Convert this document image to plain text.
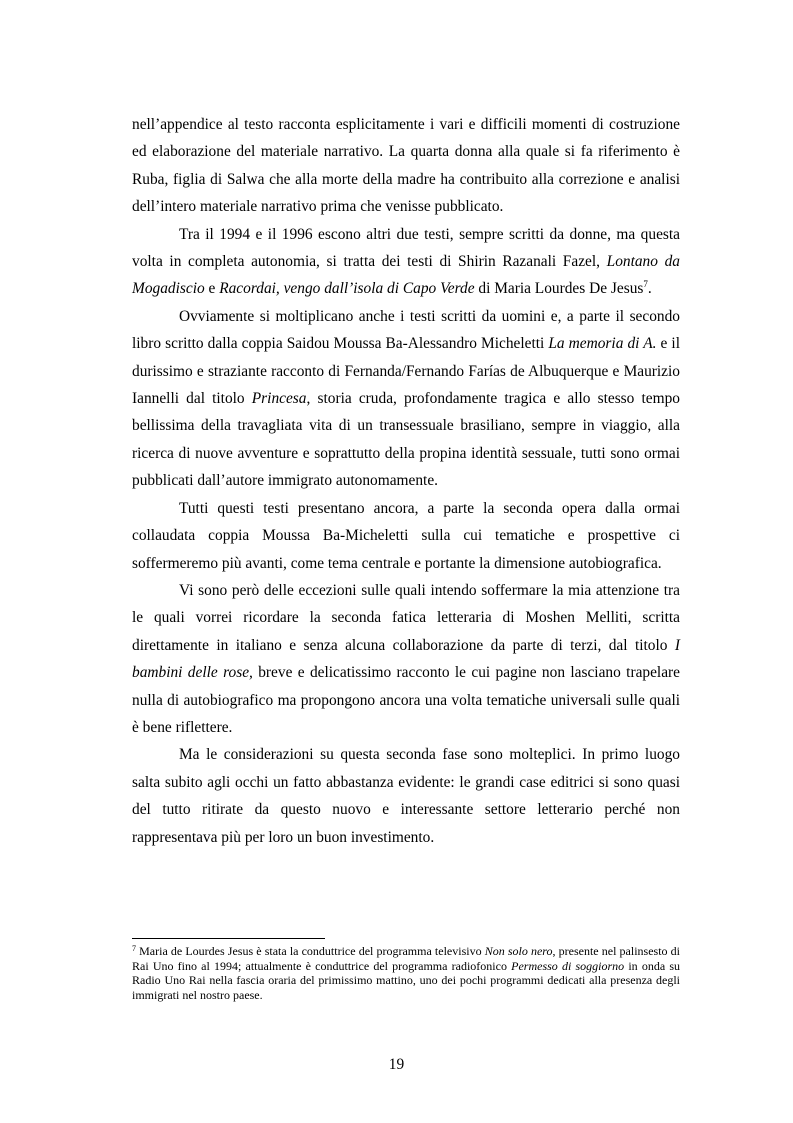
nell’appendice al testo racconta esplicitamente i vari e difficili momenti di costruzione ed elaborazione del materiale narrativo. La quarta donna alla quale si fa riferimento è Ruba, figlia di Salwa che alla morte della madre ha contribuito alla correzione e analisi dell’intero materiale narrativo prima che venisse pubblicato.

Tra il 1994 e il 1996 escono altri due testi, sempre scritti da donne, ma questa volta in completa autonomia, si tratta dei testi di Shirin Razanali Fazel, Lontano da Mogadiscio e Racordai, vengo dall’isola di Capo Verde di Maria Lourdes De Jesus$^7$.

Ovviamente si moltiplicano anche i testi scritti da uomini e, a parte il secondo libro scritto dalla coppia Saidou Moussa Ba-Alessandro Micheletti La memoria di A. e il durissimo e straziante racconto di Fernanda/Fernando Farías de Albuquerque e Maurizio Iannelli dal titolo Princesa, storia cruda, profondamente tragica e allo stesso tempo bellissima della travagliata vita di un transessuale brasiliano, sempre in viaggio, alla ricerca di nuove avventure e soprattutto della propina identità sessuale, tutti sono ormai pubblicati dall’autore immigrato autonomamente.

Tutti questi testi presentano ancora, a parte la seconda opera dalla ormai collaudata coppia Moussa Ba-Micheletti sulla cui tematiche e prospettive ci soffermeremo più avanti, come tema centrale e portante la dimensione autobiografica.

Vi sono però delle eccezioni sulle quali intendo soffermare la mia attenzione tra le quali vorrei ricordare la seconda fatica letteraria di Moshen Melliti, scritta direttamente in italiano e senza alcuna collaborazione da parte di terzi, dal titolo I bambini delle rose, breve e delicatissimo racconto le cui pagine non lasciano trapelare nulla di autobiografico ma propongono ancora una volta tematiche universali sulle quali è bene riflettere.

Ma le considerazioni su questa seconda fase sono molteplici. In primo luogo salta subito agli occhi un fatto abbastanza evidente: le grandi case editrici si sono quasi del tutto ritirate da questo nuovo e interessante settore letterario perché non rappresentava più per loro un buon investimento.

$^7$ Maria de Lourdes Jesus è stata la conduttrice del programma televisivo Non solo nero, presente nel palinsesto di Rai Uno fino al 1994; attualmente è conduttrice del programma radiofonico Permesso di soggiorno in onda su Radio Uno Rai nella fascia oraria del primissimo mattino, uno dei pochi programmi dedicati alla presenza degli immigrati nel nostro paese.

19
